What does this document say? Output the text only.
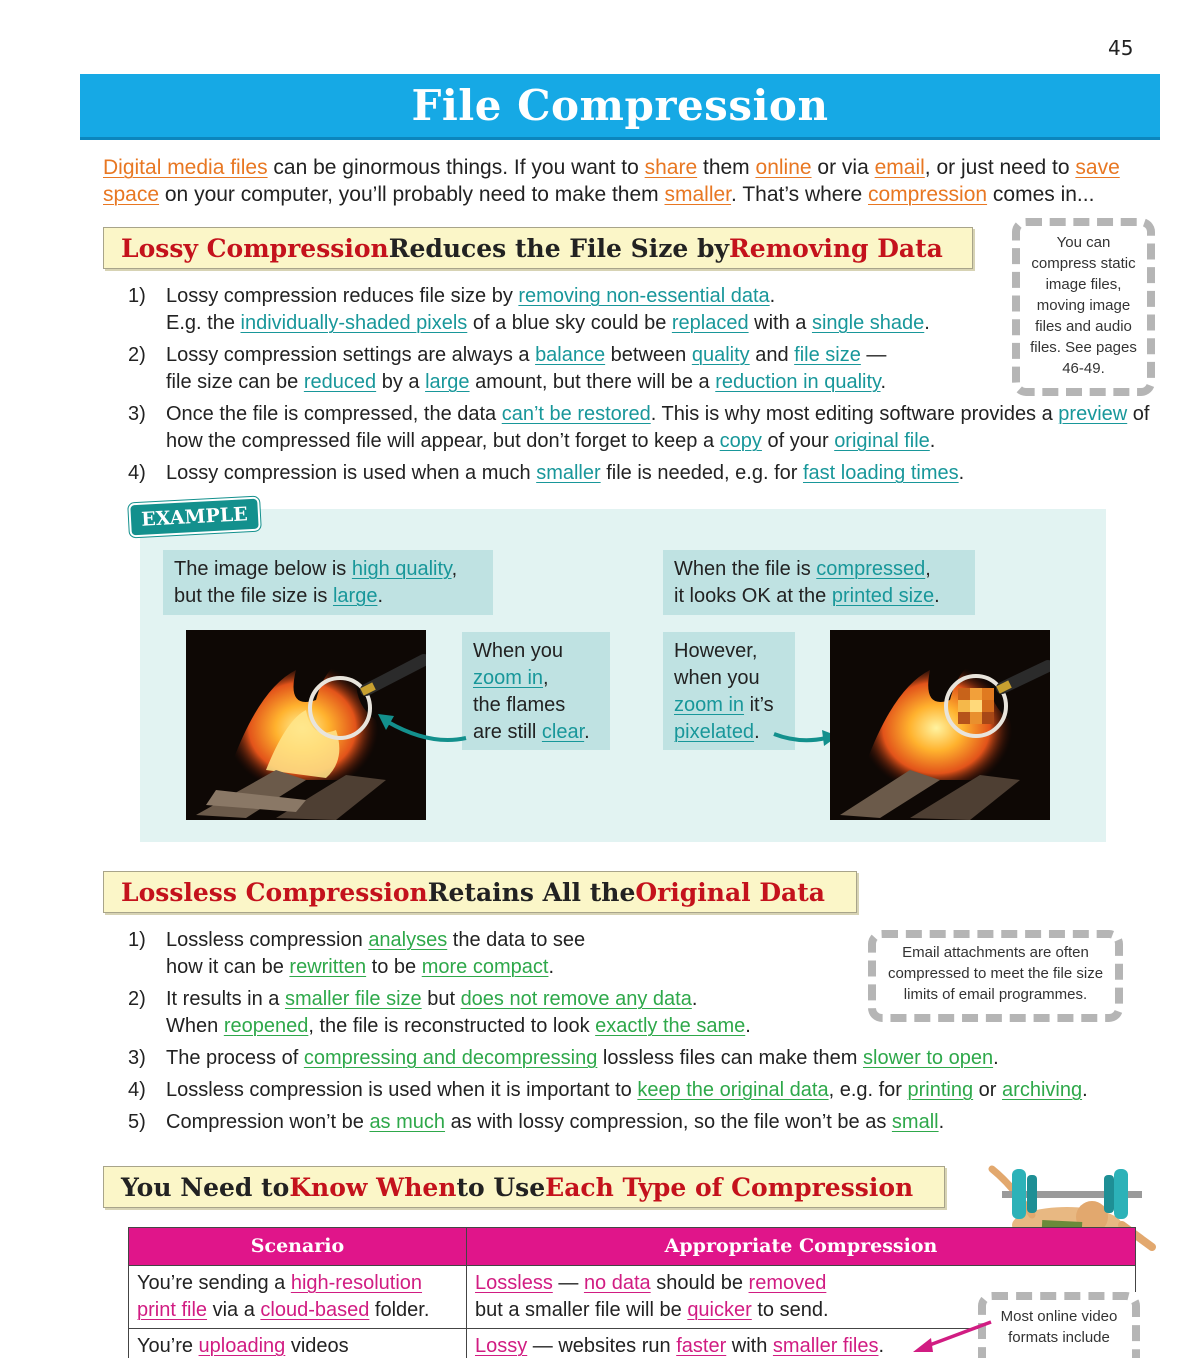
45
File Compression

Digital media files can be ginormous things. If you want to share them online or via email, or just need to save space on your computer, you’ll probably need to make them smaller. That’s where compression comes in...

Lossy Compression Reduces the File Size by Removing Data	You can compress static image files, moving image files and audio files. See pages 46-49.
1) Lossy compression reduces file size by removing non-essential data.
E.g. the individually-shaded pixels of a blue sky could be replaced with a single shade.
2) Lossy compression settings are always a balance between quality and file size —
file size can be reduced by a large amount, but there will be a reduction in quality.
3) Once the file is compressed, the data can’t be restored. This is why most editing software provides a preview of how the compressed file will appear, but don’t forget to keep a copy of your original file.
4) Lossy compression is used when a much smaller file is needed, e.g. for fast loading times.
EXAMPLE
The image below is high quality,
but the file size is large.
When the file is compressed,
it looks OK at the printed size.
When you
zoom in,
the flames
are still clear.
However,
when you
zoom in it’s
pixelated.
Lossless Compression Retains All the Original Data
Email attachments are often compressed to meet the file size limits of email programmes.
1) Lossless compression analyses the data to see
how it can be rewritten to be more compact.
2) It results in a smaller file size but does not remove any data.
When reopened, the file is reconstructed to look exactly the same.
3) The process of compressing and decompressing lossless files can make them slower to open.
4) Lossless compression is used when it is important to keep the original data, e.g. for printing or archiving.
5) Compression won’t be as much as with lossy compression, so the file won’t be as small.
You Need to Know When to Use Each Type of Compression
Scenario	Appropriate Compression
You’re sending a high-resolution
print file via a cloud-based folder.	Lossless — no data should be removed
but a smaller file will be quicker to send.
You’re uploading videos	Lossy — websites run faster with smaller files.
Most online video formats include
